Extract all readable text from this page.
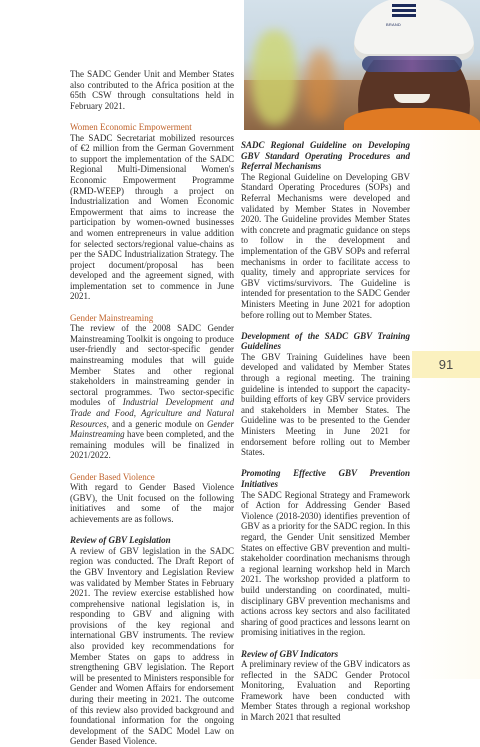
BRAND

The SADC Gender Unit and Member States also contributed to the Africa position at the 65th CSW through consultations held in February 2021.

Women Economic Empowerment

The SADC Secretariat mobilized resources of €2 million from the German Government to support the implementation of the SADC Regional Multi-Dimensional Women's Economic Empowerment Programme (RMD-WEEP) through a project on Industrialization and Women Economic Empowerment that aims to increase the participation by women-owned businesses and women entrepreneurs in value addition for selected sectors/regional value-chains as per the SADC Industrialization Strategy. The project document/proposal has been developed and the agreement signed, with implementation set to commence in June 2021.

Gender Mainstreaming

The review of the 2008 SADC Gender Mainstreaming Toolkit is ongoing to produce user-friendly and sector-specific gender mainstreaming modules that will guide Member States and other regional stakeholders in mainstreaming gender in sectoral programmes. Two sector-specific modules of Industrial Development and Trade and Food, Agriculture and Natural Resources, and a generic module on Gender Mainstreaming have been completed, and the remaining modules will be finalized in 2021/2022.

Gender Based Violence

With regard to Gender Based Violence (GBV), the Unit focused on the following initiatives and some of the major achievements are as follows.

Review of GBV Legislation

A review of GBV legislation in the SADC region was conducted. The Draft Report of the GBV Inventory and Legislation Review was validated by Member States in February 2021. The review exercise established how comprehensive national legislation is, in responding to GBV and aligning with provisions of the key regional and international GBV instruments. The review also provided key recommendations for Member States on gaps to address in strengthening GBV legislation. The Report will be presented to Ministers responsible for Gender and Women Affairs for endorsement during their meeting in 2021. The outcome of this review also provided background and foundational information for the ongoing development of the SADC Model Law on Gender Based Violence.

SADC Regional Guideline on Developing GBV Standard Operating Procedures and Referral Mechanisms

The Regional Guideline on Developing GBV Standard Operating Procedures (SOPs) and Referral Mechanisms were developed and validated by Member States in November 2020. The Guideline provides Member States with concrete and pragmatic guidance on steps to follow in the development and implementation of the GBV SOPs and referral mechanisms in order to facilitate access to quality, timely and appropriate services for GBV victims/survivors. The Guideline is intended for presentation to the SADC Gender Ministers Meeting in June 2021 for adoption before rolling out to Member States.

Development of the SADC GBV Training Guidelines

The GBV Training Guidelines have been developed and validated by Member States through a regional meeting. The training guideline is intended to support the capacity-building efforts of key GBV service providers and stakeholders in Member States. The Guideline was to be presented to the Gender Ministers Meeting in June 2021 for endorsement before rolling out to Member States.

Promoting Effective GBV Prevention Initiatives

The SADC Regional Strategy and Framework of Action for Addressing Gender Based Violence (2018-2030) identifies prevention of GBV as a priority for the SADC region. In this regard, the Gender Unit sensitized Member States on effective GBV prevention and multi-stakeholder coordination mechanisms through a regional learning workshop held in March 2021. The workshop provided a platform to build understanding on coordinated, multi-disciplinary GBV prevention mechanisms and actions across key sectors and also facilitated sharing of good practices and lessons learnt on promising initiatives in the region.

Review of GBV Indicators

A preliminary review of the GBV indicators as reflected in the SADC Gender Protocol Monitoring, Evaluation and Reporting Framework have been conducted with Member States through a regional workshop in March 2021 that resulted

91
